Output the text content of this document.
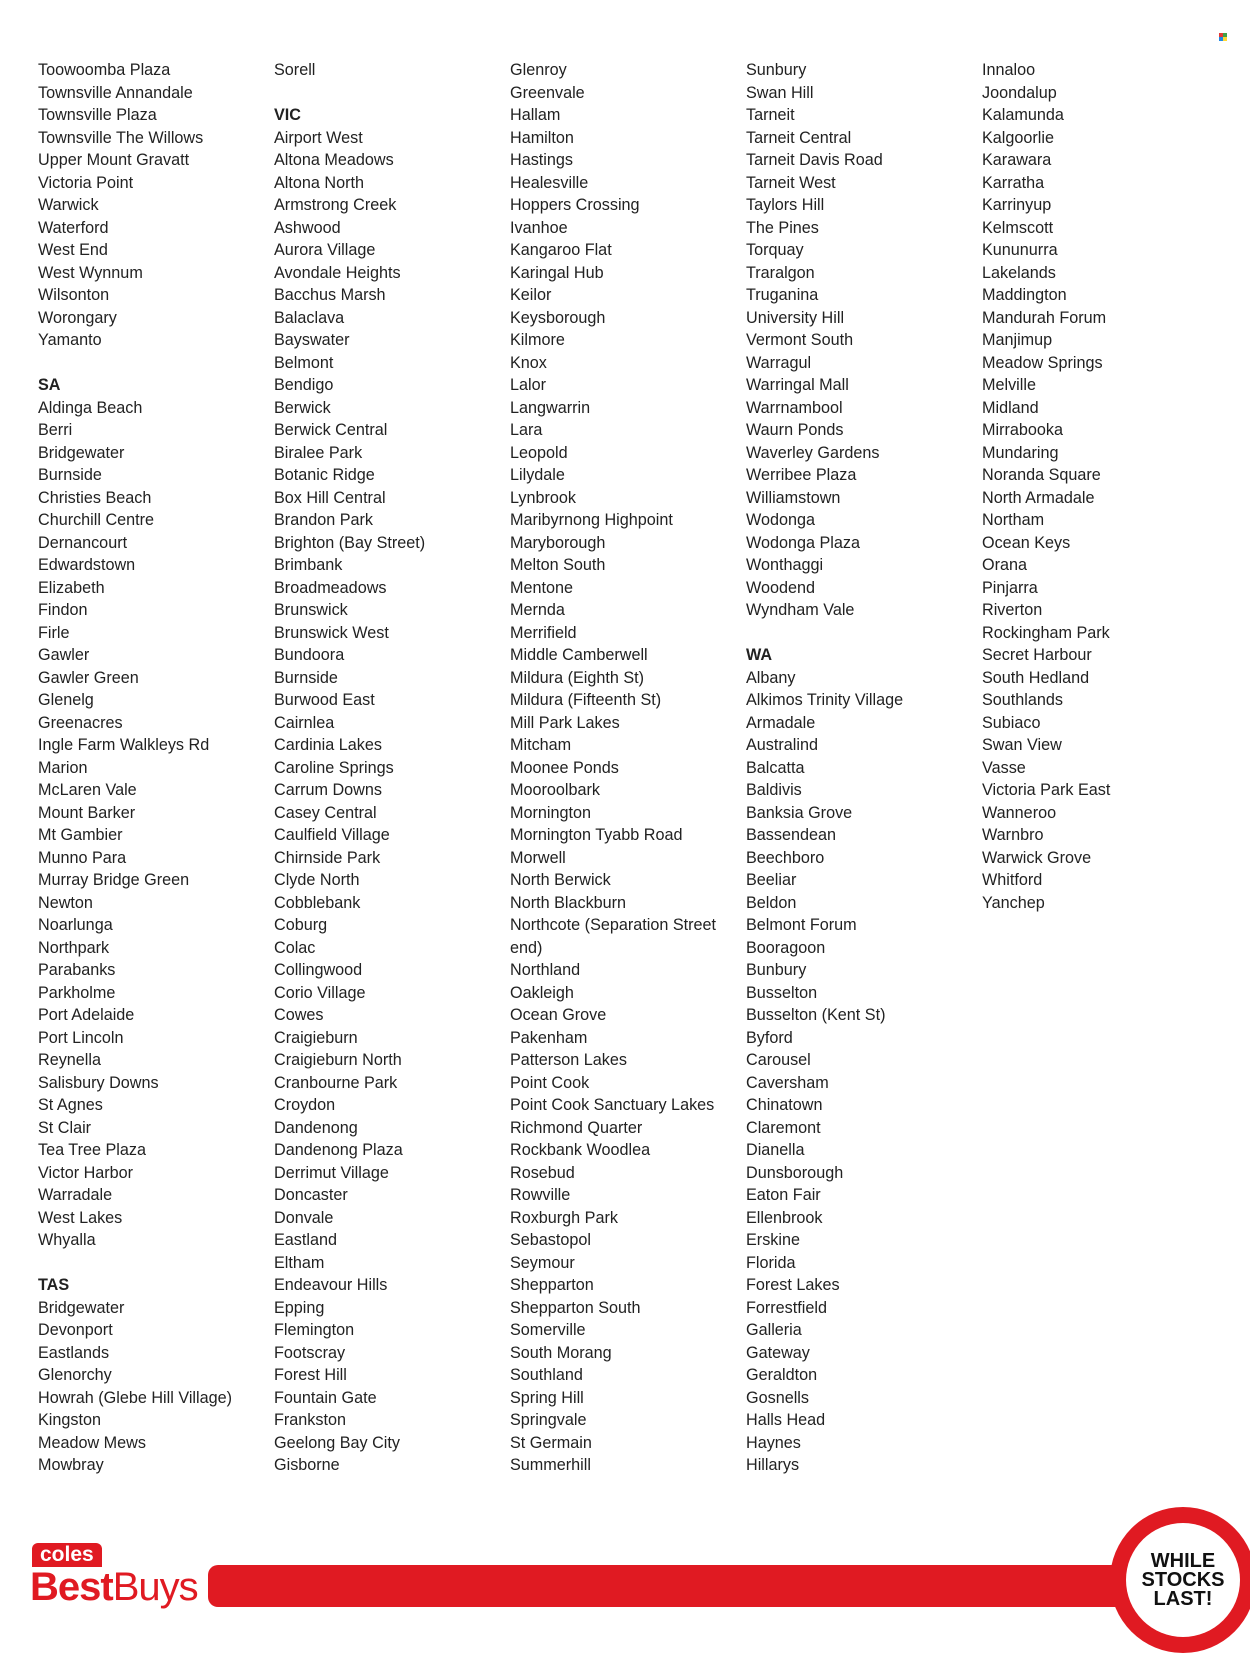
Toowoomba Plaza
Townsville Annandale
Townsville Plaza
Townsville The Willows
Upper Mount Gravatt
Victoria Point
Warwick
Waterford
West End
West Wynnum
Wilsonton
Worongary
Yamanto
SA
Aldinga Beach
Berri
Bridgewater
Burnside
Christies Beach
Churchill Centre
Dernancourt
Edwardstown
Elizabeth
Findon
Firle
Gawler
Gawler Green
Glenelg
Greenacres
Ingle Farm Walkleys Rd
Marion
McLaren Vale
Mount Barker
Mt Gambier
Munno Para
Murray Bridge Green
Newton
Noarlunga
Northpark
Parabanks
Parkholme
Port Adelaide
Port Lincoln
Reynella
Salisbury Downs
St Agnes
St Clair
Tea Tree Plaza
Victor Harbor
Warradale
West Lakes
Whyalla
TAS
Bridgewater
Devonport
Eastlands
Glenorchy
Howrah (Glebe Hill Village)
Kingston
Meadow Mews
Mowbray
Sorell
VIC
Airport West
Altona Meadows
Altona North
Armstrong Creek
Ashwood
Aurora Village
Avondale Heights
Bacchus Marsh
Balaclava
Bayswater
Belmont
Bendigo
Berwick
Berwick Central
Biralee Park
Botanic Ridge
Box Hill Central
Brandon Park
Brighton (Bay Street)
Brimbank
Broadmeadows
Brunswick
Brunswick West
Bundoora
Burnside
Burwood East
Cairnlea
Cardinia Lakes
Caroline Springs
Carrum Downs
Casey Central
Caulfield Village
Chirnside Park
Clyde North
Cobblebank
Coburg
Colac
Collingwood
Corio Village
Cowes
Craigieburn
Craigieburn North
Cranbourne Park
Croydon
Dandenong
Dandenong Plaza
Derrimut Village
Doncaster
Donvale
Eastland
Eltham
Endeavour Hills
Epping
Flemington
Footscray
Forest Hill
Fountain Gate
Frankston
Geelong Bay City
Gisborne
Glenroy
Greenvale
Hallam
Hamilton
Hastings
Healesville
Hoppers Crossing
Ivanhoe
Kangaroo Flat
Karingal Hub
Keilor
Keysborough
Kilmore
Knox
Lalor
Langwarrin
Lara
Leopold
Lilydale
Lynbrook
Maribyrnong Highpoint
Maryborough
Melton South
Mentone
Mernda
Merrifield
Middle Camberwell
Mildura (Eighth St)
Mildura (Fifteenth St)
Mill Park Lakes
Mitcham
Moonee Ponds
Mooroolbark
Mornington
Mornington Tyabb Road
Morwell
North Berwick
North Blackburn
Northcote (Separation Street end)
Northland
Oakleigh
Ocean Grove
Pakenham
Patterson Lakes
Point Cook
Point Cook Sanctuary Lakes
Richmond Quarter
Rockbank Woodlea
Rosebud
Rowville
Roxburgh Park
Sebastopol
Seymour
Shepparton
Shepparton South
Somerville
South Morang
Southland
Spring Hill
Springvale
St Germain
Summerhill
Sunbury
Swan Hill
Tarneit
Tarneit Central
Tarneit Davis Road
Tarneit West
Taylors Hill
The Pines
Torquay
Traralgon
Truganina
University Hill
Vermont South
Warragul
Warringal Mall
Warrnambool
Waurn Ponds
Waverley Gardens
Werribee Plaza
Williamstown
Wodonga
Wodonga Plaza
Wonthaggi
Woodend
Wyndham Vale
WA
Albany
Alkimos Trinity Village
Armadale
Australind
Balcatta
Baldivis
Banksia Grove
Bassendean
Beechboro
Beeliar
Beldon
Belmont Forum
Booragoon
Bunbury
Busselton
Busselton (Kent St)
Byford
Carousel
Caversham
Chinatown
Claremont
Dianella
Dunsborough
Eaton Fair
Ellenbrook
Erskine
Florida
Forest Lakes
Forrestfield
Galleria
Gateway
Geraldton
Gosnells
Halls Head
Haynes
Hillarys
Innaloo
Joondalup
Kalamunda
Kalgoorlie
Karawara
Karratha
Karrinyup
Kelmscott
Kununurra
Lakelands
Maddington
Mandurah Forum
Manjimup
Meadow Springs
Melville
Midland
Mirrabooka
Mundaring
Noranda Square
North Armadale
Northam
Ocean Keys
Orana
Pinjarra
Riverton
Rockingham Park
Secret Harbour
South Hedland
Southlands
Subiaco
Swan View
Vasse
Victoria Park East
Wanneroo
Warnbro
Warwick Grove
Whitford
Yanchep
coles
BestBuys
WHILE
STOCKS
LAST!
